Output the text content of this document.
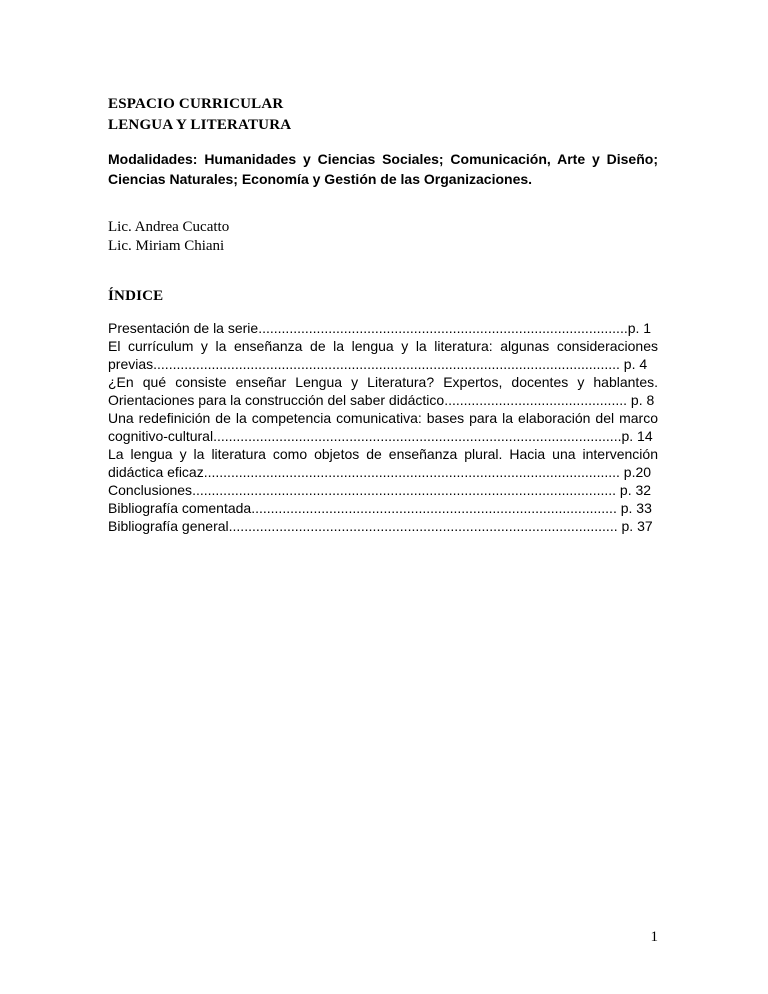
ESPACIO CURRICULAR
LENGUA Y LITERATURA

Modalidades: Humanidades y Ciencias Sociales; Comunicación, Arte y Diseño; Ciencias Naturales; Economía y Gestión de las Organizaciones.

Lic. Andrea Cucatto
Lic. Miriam Chiani
ÍNDICE

Presentación de la serie...............................................................................................p. 1

El currículum y la enseñanza de la lengua y la literatura: algunas consideraciones previas........................................................................................................................ p. 4

¿En qué consiste enseñar Lengua y Literatura? Expertos, docentes y hablantes. Orientaciones para la construcción del saber didáctico............................................... p. 8

Una redefinición de la competencia comunicativa: bases para la elaboración del marco cognitivo-cultural.........................................................................................................p. 14

La lengua y la literatura como objetos de enseñanza plural. Hacia una intervención didáctica eficaz........................................................................................................... p.20

Conclusiones............................................................................................................. p. 32

Bibliografía comentada.............................................................................................. p. 33

Bibliografía general.................................................................................................... p. 37

1
